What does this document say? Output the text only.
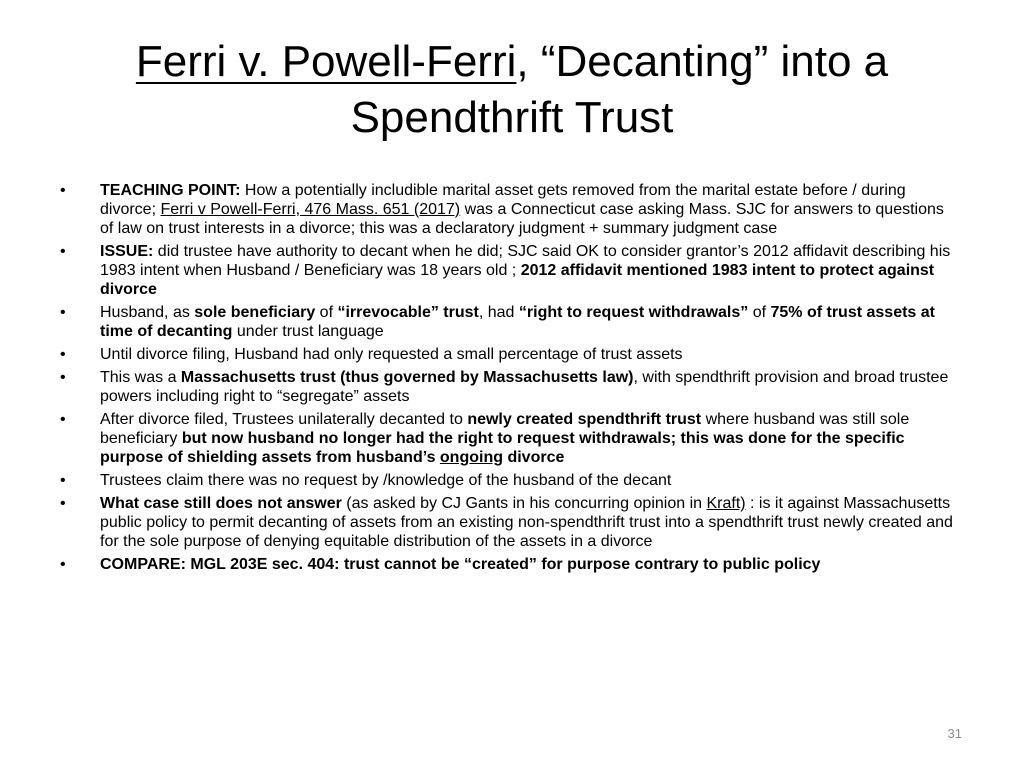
Ferri v. Powell-Ferri, “Decanting” into a
Spendthrift Trust
•	TEACHING POINT: How a potentially includible marital asset gets removed from the marital estate before / during divorce; Ferri v Powell-Ferri, 476 Mass. 651 (2017) was a Connecticut case asking Mass. SJC for answers to questions of law on trust interests in a divorce; this was a declaratory judgment + summary judgment case
•	ISSUE: did trustee have authority to decant when he did; SJC said OK to consider grantor’s 2012 affidavit describing his 1983 intent when Husband / Beneficiary was 18 years old ; 2012 affidavit mentioned 1983 intent to protect against divorce
•	Husband, as sole beneficiary of “irrevocable” trust, had “right to request withdrawals” of 75% of trust assets at time of decanting under trust language
•	Until divorce filing, Husband had only requested a small percentage of trust assets
•	This was a Massachusetts trust (thus governed by Massachusetts law), with spendthrift provision and broad trustee powers including right to “segregate” assets
•	After divorce filed, Trustees unilaterally decanted to newly created spendthrift trust where husband was still sole beneficiary but now husband no longer had the right to request withdrawals; this was done for the specific purpose of shielding assets from husband’s ongoing divorce
•	Trustees claim there was no request by /knowledge of the husband of the decant
•	What case still does not answer (as asked by CJ Gants in his concurring opinion in Kraft) : is it against Massachusetts public policy to permit decanting of assets from an existing non-spendthrift trust into a spendthrift trust newly created and for the sole purpose of denying equitable distribution of the assets in a divorce
•	COMPARE: MGL 203E sec. 404: trust cannot be “created” for purpose contrary to public policy
31
